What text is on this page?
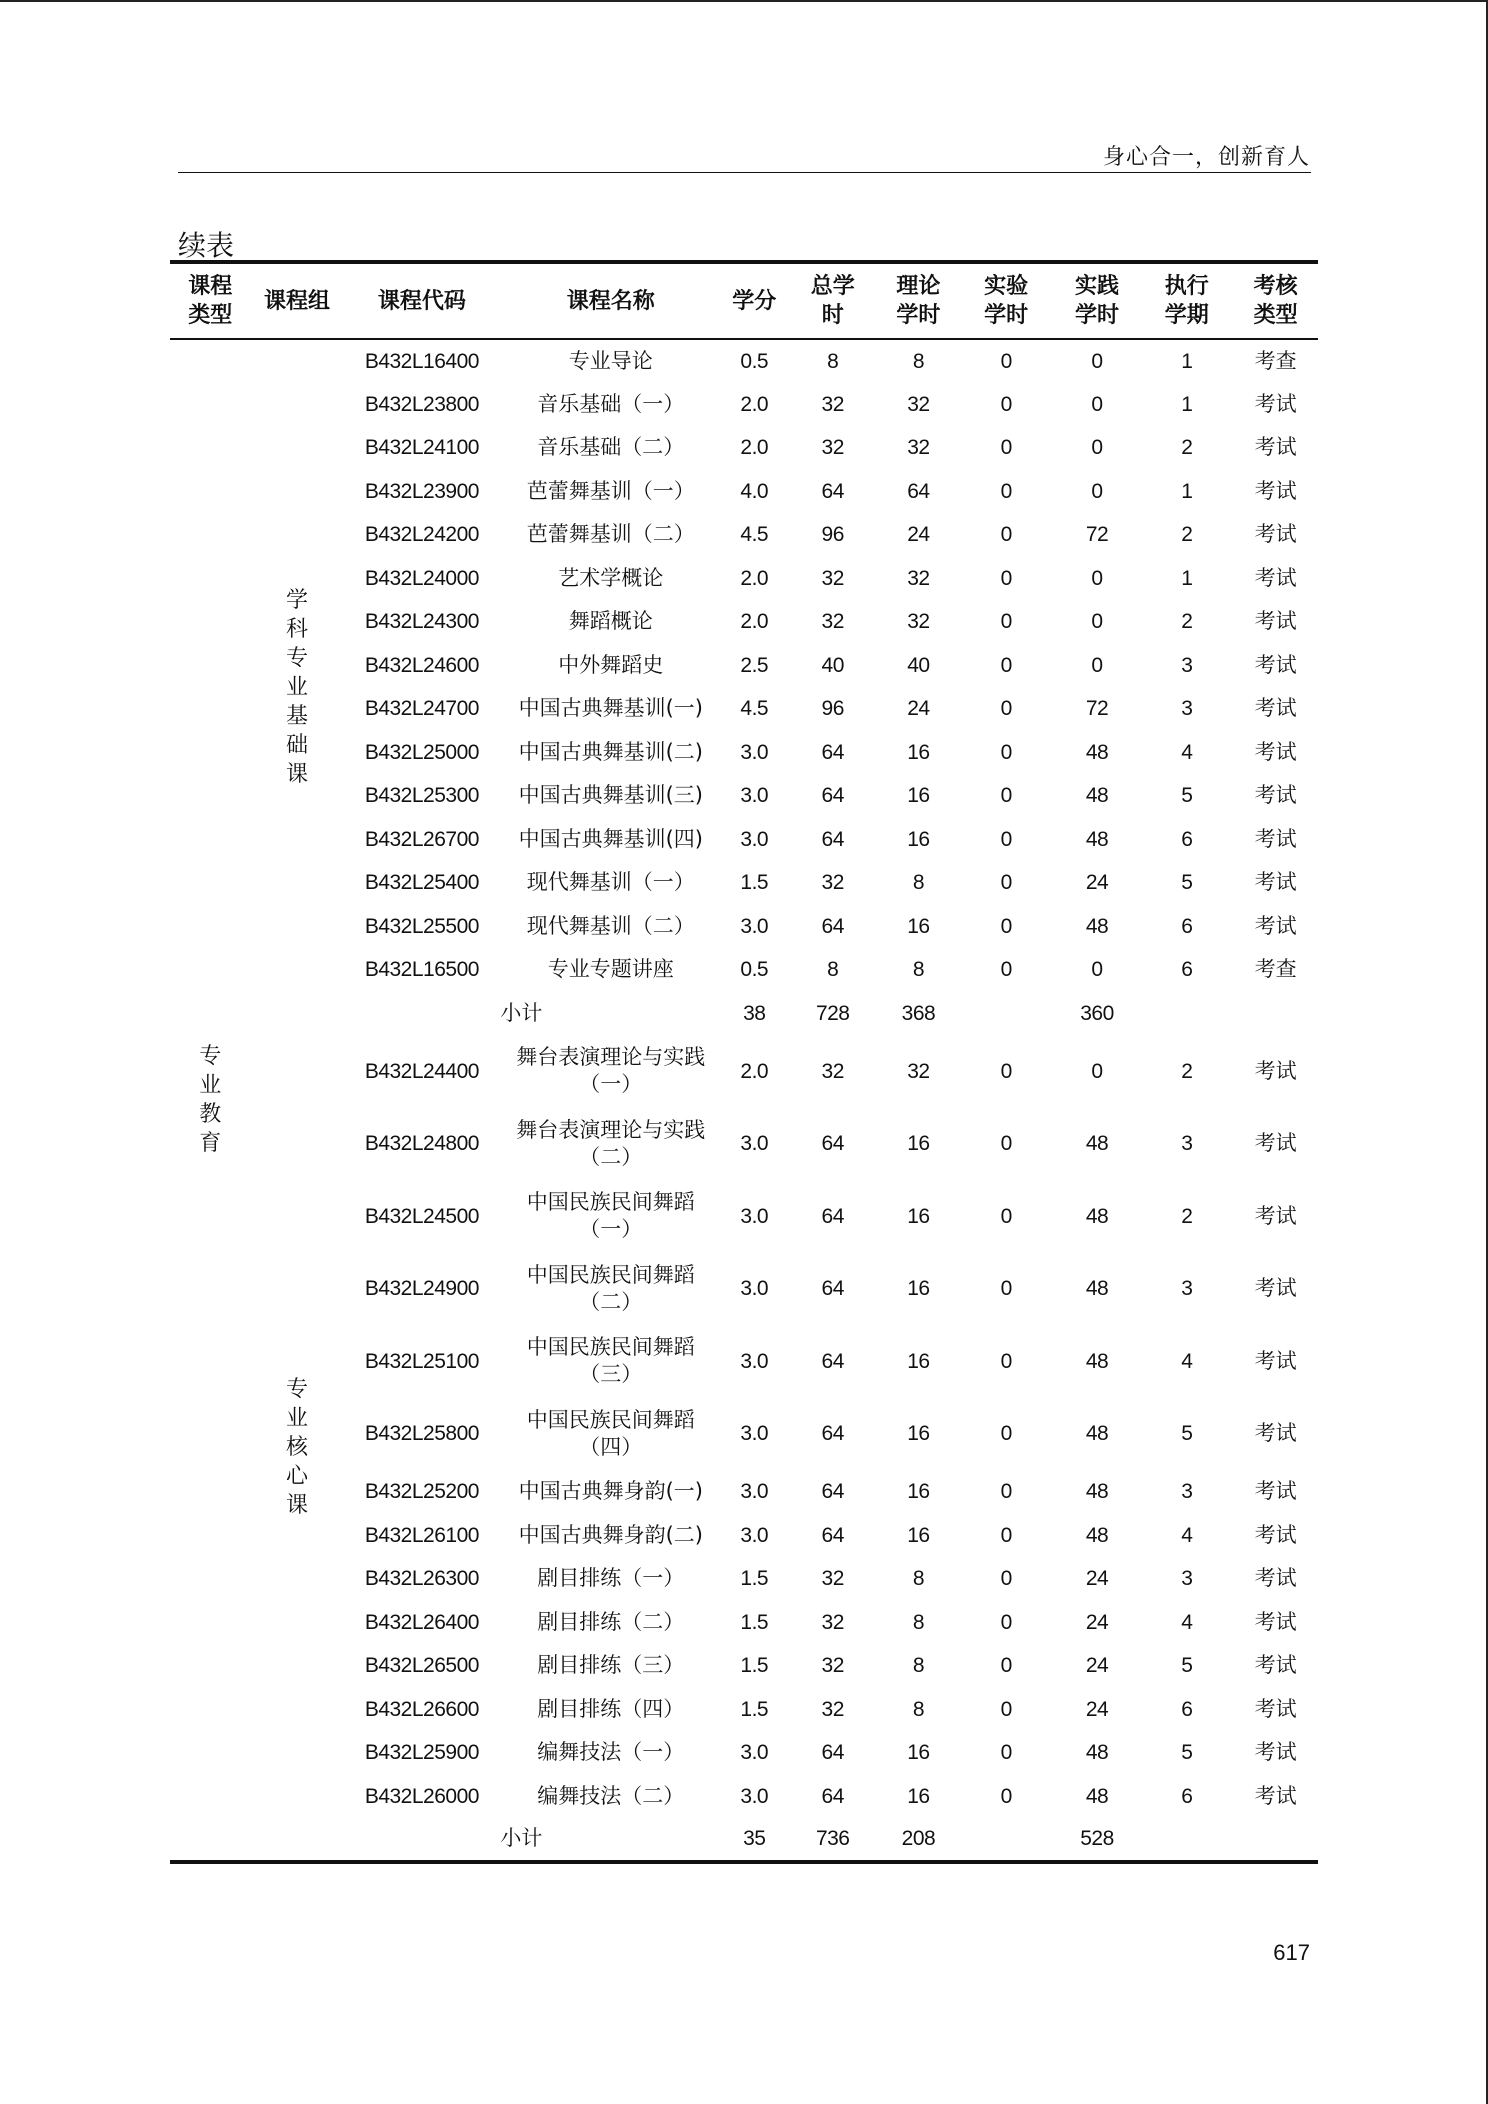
身心合一，创新育人
续表
课程类型	课程组	课程代码	课程名称	学分	总学时	理论学时	实验学时	实践学时	执行学期	考核类型
专业教育	学科专业基础课	B432L16400	专业导论	0.5	8	8	0	0	1	考查
		B432L23800	音乐基础（一）	2.0	32	32	0	0	1	考试
		B432L24100	音乐基础（二）	2.0	32	32	0	0	2	考试
		B432L23900	芭蕾舞基训（一）	4.0	64	64	0	0	1	考试
		B432L24200	芭蕾舞基训（二）	4.5	96	24	0	72	2	考试
		B432L24000	艺术学概论	2.0	32	32	0	0	1	考试
		B432L24300	舞蹈概论	2.0	32	32	0	0	2	考试
		B432L24600	中外舞蹈史	2.5	40	40	0	0	3	考试
		B432L24700	中国古典舞基训(一)	4.5	96	24	0	72	3	考试
		B432L25000	中国古典舞基训(二)	3.0	64	16	0	48	4	考试
		B432L25300	中国古典舞基训(三)	3.0	64	16	0	48	5	考试
		B432L26700	中国古典舞基训(四)	3.0	64	16	0	48	6	考试
		B432L25400	现代舞基训（一）	1.5	32	8	0	24	5	考试
		B432L25500	现代舞基训（二）	3.0	64	16	0	48	6	考试
		B432L16500	专业专题讲座	0.5	8	8	0	0	6	考查
			小计	38	728	368		360		
	专业核心课	B432L24400	舞台表演理论与实践（一）	2.0	32	32	0	0	2	考试
		B432L24800	舞台表演理论与实践（二）	3.0	64	16	0	48	3	考试
		B432L24500	中国民族民间舞蹈（一）	3.0	64	16	0	48	2	考试
		B432L24900	中国民族民间舞蹈（二）	3.0	64	16	0	48	3	考试
		B432L25100	中国民族民间舞蹈（三）	3.0	64	16	0	48	4	考试
		B432L25800	中国民族民间舞蹈（四）	3.0	64	16	0	48	5	考试
		B432L25200	中国古典舞身韵(一)	3.0	64	16	0	48	3	考试
		B432L26100	中国古典舞身韵(二)	3.0	64	16	0	48	4	考试
		B432L26300	剧目排练（一）	1.5	32	8	0	24	3	考试
		B432L26400	剧目排练（二）	1.5	32	8	0	24	4	考试
		B432L26500	剧目排练（三）	1.5	32	8	0	24	5	考试
		B432L26600	剧目排练（四）	1.5	32	8	0	24	6	考试
		B432L25900	编舞技法（一）	3.0	64	16	0	48	5	考试
		B432L26000	编舞技法（二）	3.0	64	16	0	48	6	考试
			小计	35	736	208		528		
617
